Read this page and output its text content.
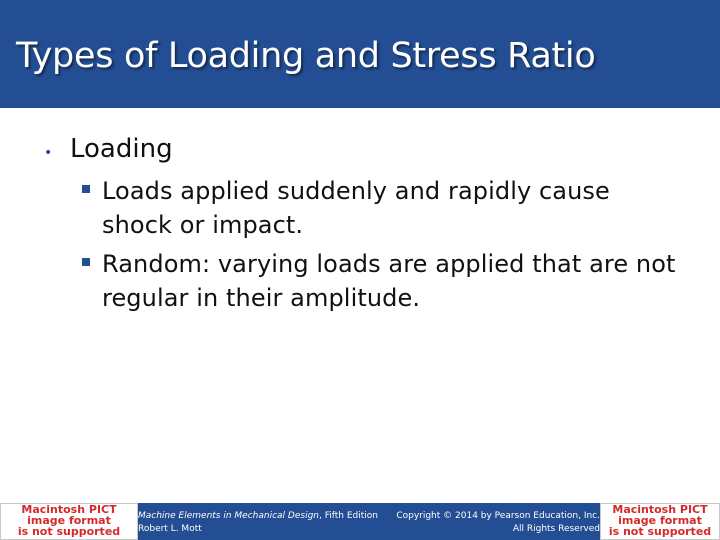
Types of Loading and Stress Ratio
• Loading
Loads applied suddenly and rapidly cause shock or impact.
Random: varying loads are applied that are not regular in their amplitude.
Macintosh PICT
image format
is not supported
Machine Elements in Mechanical Design, Fifth Edition
Robert L. Mott
Copyright © 2014 by Pearson Education, Inc.
All Rights Reserved
Macintosh PICT
image format
is not supported
